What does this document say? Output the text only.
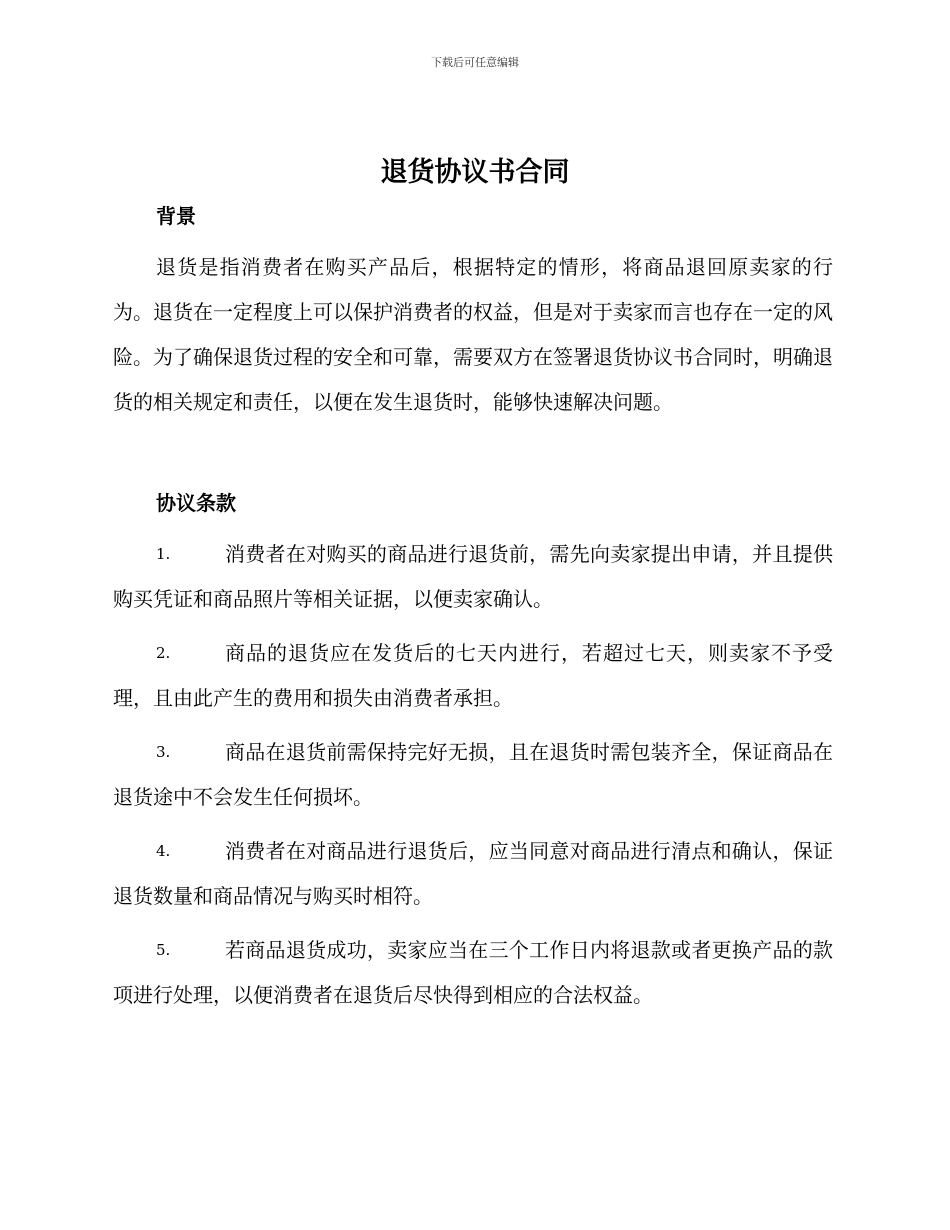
下载后可任意编辑
退货协议书合同
背景

退货是指消费者在购买产品后，根据特定的情形，将商品退回原卖家的行为。退货在一定程度上可以保护消费者的权益，但是对于卖家而言也存在一定的风险。为了确保退货过程的安全和可靠，需要双方在签署退货协议书合同时，明确退货的相关规定和责任，以便在发生退货时，能够快速解决问题。

协议条款
1.	消费者在对购买的商品进行退货前，需先向卖家提出申请，并且提供购买凭证和商品照片等相关证据，以便卖家确认。
2.	商品的退货应在发货后的七天内进行，若超过七天，则卖家不予受理，且由此产生的费用和损失由消费者承担。
3.	商品在退货前需保持完好无损，且在退货时需包装齐全，保证商品在退货途中不会发生任何损坏。
4.	消费者在对商品进行退货后，应当同意对商品进行清点和确认，保证退货数量和商品情况与购买时相符。
5.	若商品退货成功，卖家应当在三个工作日内将退款或者更换产品的款项进行处理，以便消费者在退货后尽快得到相应的合法权益。
